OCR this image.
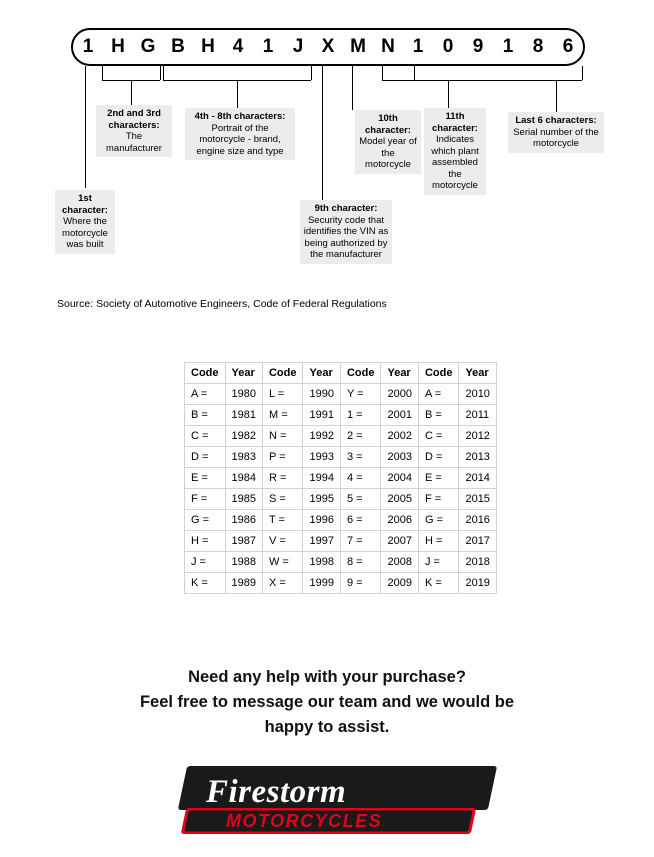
1 H G B H 4	1	J X M N 1	0	9	1	8	6
1st character:
Where the motorcycle was built
2nd and 3rd characters:
The manufacturer
4th - 8th characters:
Portrait of the motorcycle - brand, engine size and type
9th character:
Security code that identifies the VIN as being authorized by the manufacturer
10th character:
Model year of the motorcycle
11th character:
Indicates which plant assembled the motorcycle
Last 6 characters:
Serial number of the motorcycle
Source: Society of Automotive Engineers, Code of Federal Regulations
Code	Year	Code	Year	Code	Year	Code	Year
A =	1980	L =	1990	Y =	2000	A =	2010
B =	1981	M =	1991	1 =	2001	B =	2011
C =	1982	N =	1992	2 =	2002	C =	2012
D =	1983	P =	1993	3 =	2003	D =	2013
E =	1984	R =	1994	4 =	2004	E =	2014
F =	1985	S =	1995	5 =	2005	F =	2015
G =	1986	T =	1996	6 =	2006	G =	2016
H =	1987	V =	1997	7 =	2007	H =	2017
J =	1988	W =	1998	8 =	2008	J =	2018
K =	1989	X =	1999	9 =	2009	K =	2019
Need any help with your purchase?
Feel free to message our team and we would be
happy to assist.
Firestorm
MOTORCYCLES
